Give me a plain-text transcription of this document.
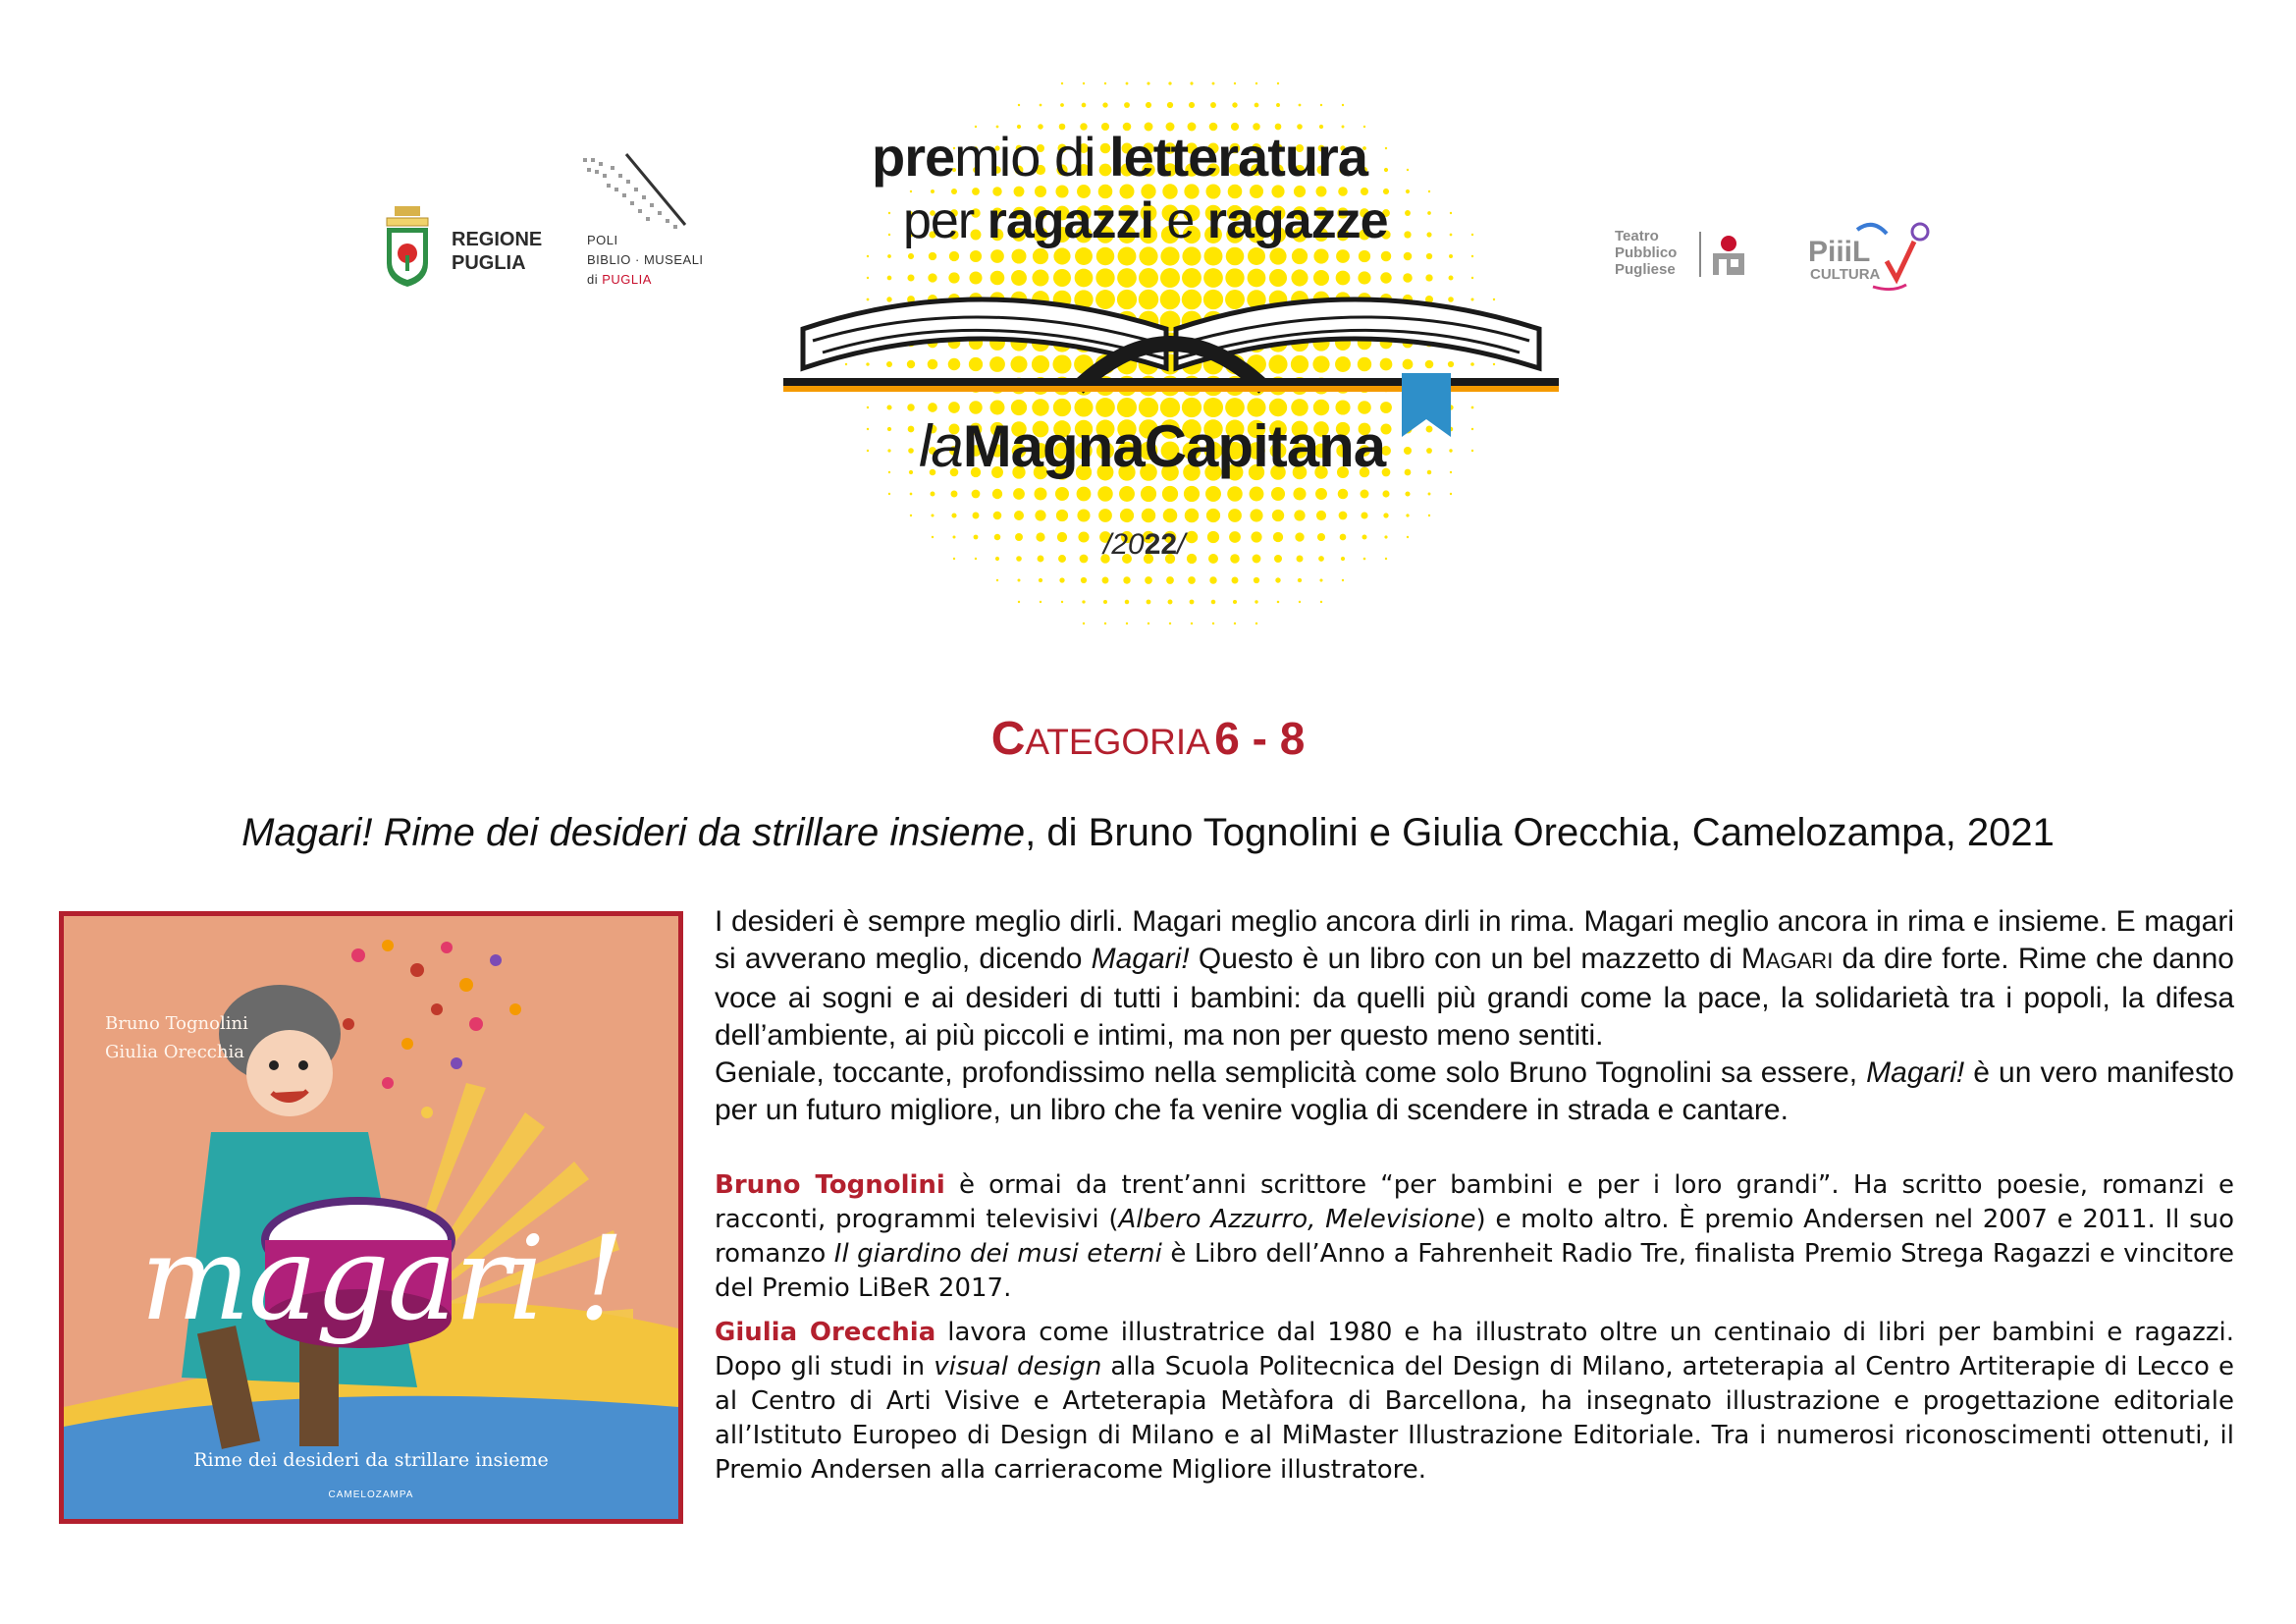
REGIONE
PUGLIA
POLI
BIBLIO · MUSEALI
di PUGLIA
Teatro
Pubblico
Pugliese
PiiiL
CULTURA
premio di letteratura
per ragazzi e ragazze
laMagnaCapitana
/2022/
CATEGORIA 6 - 8
Magari! Rime dei desideri da strillare insieme, di Bruno Tognolini e Giulia Orecchia, Camelozampa, 2021
Bruno Tognolini
Giulia Orecchia
magari !
Rime dei desideri da strillare insieme
CAMELOZAMPA

I desideri è sempre meglio dirli. Magari meglio ancora dirli in rima. Magari meglio ancora in rima e insieme. E magari si avverano meglio, dicendo Magari! Questo è un libro con un bel mazzetto di MAGARI da dire forte. Rime che danno voce ai sogni e ai desideri di tutti i bambini: da quelli più grandi come la pace, la solidarietà tra i popoli, la difesa dell’ambiente, ai più piccoli e intimi, ma non per questo meno sentiti.

Geniale, toccante, profondissimo nella semplicità come solo Bruno Tognolini sa essere, Magari! è un vero manifesto per un futuro migliore, un libro che fa venire voglia di scendere in strada e cantare.

Bruno Tognolini è ormai da trent’anni scrittore “per bambini e per i loro grandi”. Ha scritto poesie, romanzi e racconti, programmi televisivi (Albero Azzurro, Melevisione) e molto altro. È premio Andersen nel 2007 e 2011. Il suo romanzo Il giardino dei musi eterni è Libro dell’Anno a Fahrenheit Radio Tre, finalista Premio Strega Ragazzi e vincitore del Premio LiBeR 2017.

Giulia Orecchia lavora come illustratrice dal 1980 e ha illustrato oltre un centinaio di libri per bambini e ragazzi. Dopo gli studi in visual design alla Scuola Politecnica del Design di Milano, arteterapia al Centro Artiterapie di Lecco e al Centro di Arti Visive e Arteterapia Metàfora di Barcellona, ha insegnato illustrazione e progettazione editoriale all’Istituto Europeo di Design di Milano e al MiMaster Illustrazione Editoriale. Tra i numerosi riconoscimenti ottenuti, il Premio Andersen alla carrieracome Migliore illustratore.
